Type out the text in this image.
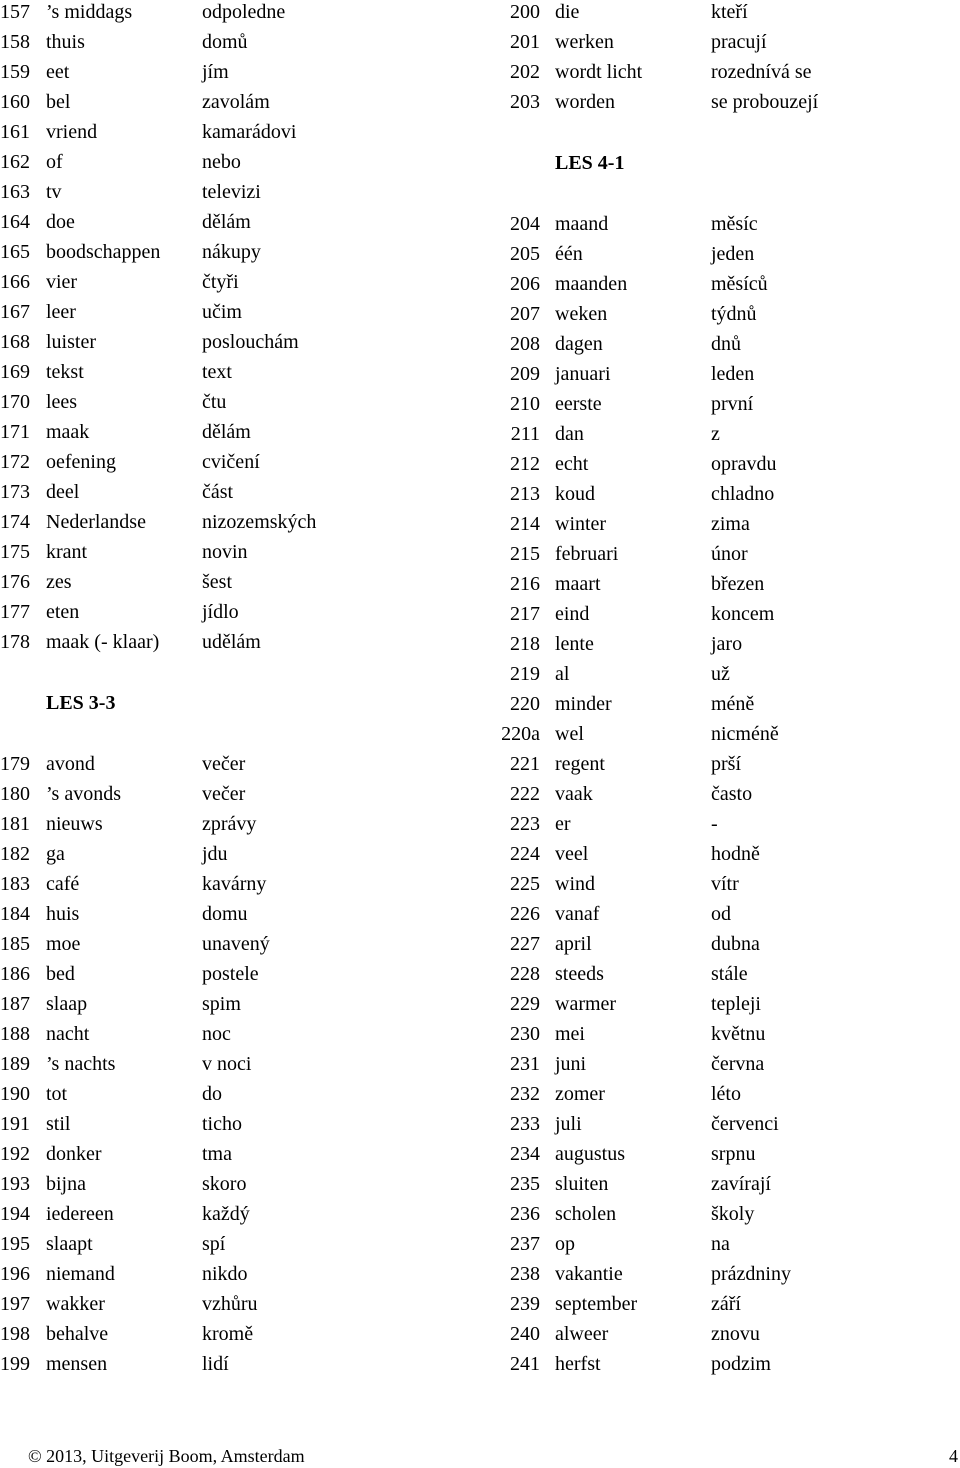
157 ’s middags	odpoledne
158 thuis	domů
159 eet	jím
160 bel	zavolám
161 vriend	kamarádovi
162 of	nebo
163 tv	televizi
164 doe	dělám
165 boodschappen nákupy
166 vier	čtyři
167 leer	učim
168 luister	poslouchám
169 tekst	text
170 lees	čtu
171 maak	dělám
172 oefening	cvičení
173 deel	část
174 Nederlandse	nizozemských
175 krant	novin
176 zes	šest
177 eten	jídlo
178 maak (- klaar) udělám
LES 3-3
179 avond	večer
180 ’s avonds	večer
181 nieuws	zprávy
182 ga	jdu
183 café	kavárny
184 huis	domu
185 moe	unavený
186 bed	postele
187 slaap	spim
188 nacht	noc
189 ’s nachts	v noci
190 tot	do
191 stil	ticho
192 donker	tma
193 bijna	skoro
194 iedereen	každý
195 slaapt	spí
196 niemand	nikdo
197 wakker	vzhůru
198 behalve	kromě
199 mensen	lidí
200 die	kteří
201 werken	pracují
202 wordt licht	rozednívá se
203 worden	se probouzejí
LES 4-1
204 maand	měsíc
205 één	jeden
206 maanden	měsíců
207 weken	týdnů
208 dagen	dnů
209 januari	leden
210 eerste	první
211 dan	z
212 echt	opravdu
213 koud	chladno
214 winter	zima
215 februari	únor
216 maart	březen
217 eind	koncem
218 lente	jaro
219 al	už
220 minder	méně
220a wel	nicméně
221 regent	prší
222 vaak	často
223 er	-
224 veel	hodně
225 wind	vítr
226 vanaf	od
227 april	dubna
228 steeds	stále
229 warmer	tepleji
230 mei	květnu
231 juni	června
232 zomer	léto
233 juli	červenci
234 augustus	srpnu
235 sluiten	zavírají
236 scholen	školy
237 op	na
238 vakantie	prázdniny
239 september	září
240 alweer	znovu
241 herfst	podzim
© 2013, Uitgeverij Boom, Amsterdam	4
